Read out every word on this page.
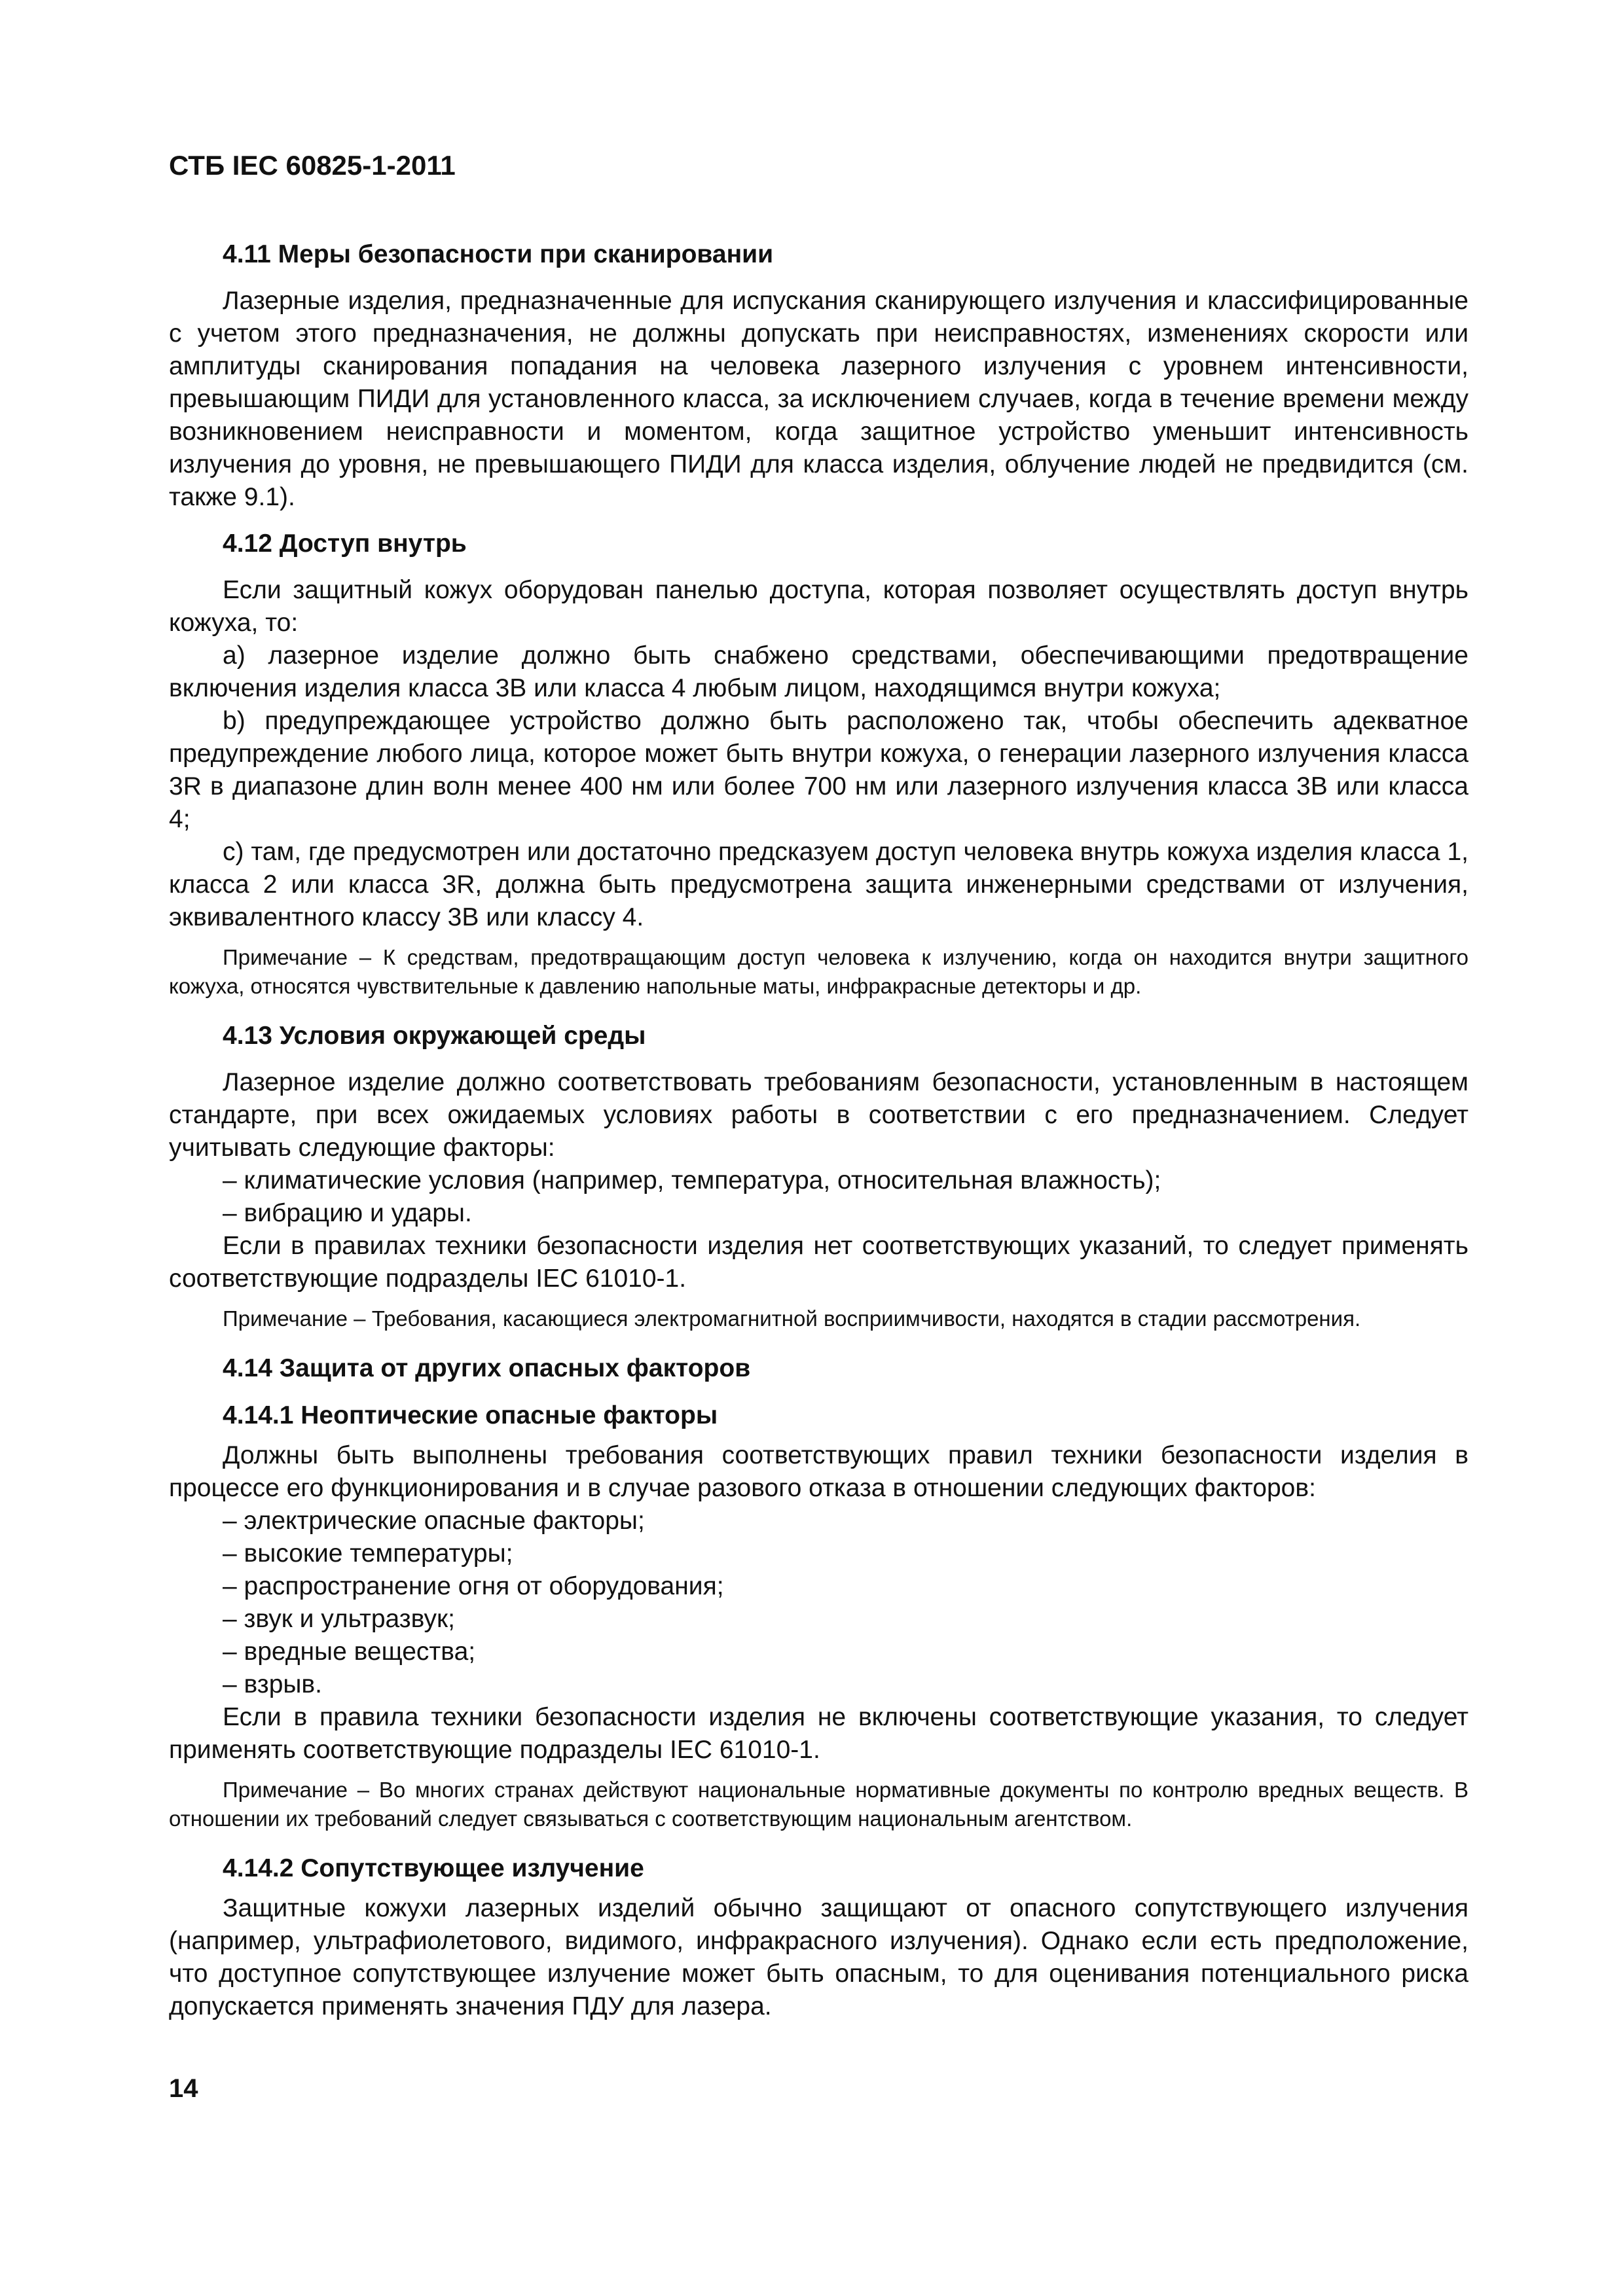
СТБ IEC 60825-1-2011
4.11 Меры безопасности при сканировании

Лазерные изделия, предназначенные для испускания сканирующего излучения и классифицированные с учетом этого предназначения, не должны допускать при неисправностях, изменениях скорости или амплитуды сканирования попадания на человека лазерного излучения с уровнем интенсивности, превышающим ПИДИ для установленного класса, за исключением случаев, когда в течение времени между возникновением неисправности и моментом, когда защитное устройство уменьшит интенсивность излучения до уровня, не превышающего ПИДИ для класса изделия, облучение людей не предвидится (см. также 9.1).

4.12 Доступ внутрь

Если защитный кожух оборудован панелью доступа, которая позволяет осуществлять доступ внутрь кожуха, то:

a) лазерное изделие должно быть снабжено средствами, обеспечивающими предотвращение включения изделия класса 3B или класса 4 любым лицом, находящимся внутри кожуха;

b) предупреждающее устройство должно быть расположено так, чтобы обеспечить адекватное предупреждение любого лица, которое может быть внутри кожуха, о генерации лазерного излучения класса 3R в диапазоне длин волн менее 400 нм или более 700 нм или лазерного излучения класса 3B или класса 4;

c) там, где предусмотрен или достаточно предсказуем доступ человека внутрь кожуха изделия класса 1, класса 2 или класса 3R, должна быть предусмотрена защита инженерными средствами от излучения, эквивалентного классу 3B или классу 4.

Примечание – К средствам, предотвращающим доступ человека к излучению, когда он находится внутри защитного кожуха, относятся чувствительные к давлению напольные маты, инфракрасные детекторы и др.

4.13 Условия окружающей среды

Лазерное изделие должно соответствовать требованиям безопасности, установленным в настоящем стандарте, при всех ожидаемых условиях работы в соответствии с его предназначением. Следует учитывать следующие факторы:

– климатические условия (например, температура, относительная влажность);

– вибрацию и удары.

Если в правилах техники безопасности изделия нет соответствующих указаний, то следует применять соответствующие подразделы IEC 61010-1.

Примечание – Требования, касающиеся электромагнитной восприимчивости, находятся в стадии рассмотрения.

4.14 Защита от других опасных факторов
4.14.1 Неоптические опасные факторы

Должны быть выполнены требования соответствующих правил техники безопасности изделия в процессе его функционирования и в случае разового отказа в отношении следующих факторов:

– электрические опасные факторы;

– высокие температуры;

– распространение огня от оборудования;

– звук и ультразвук;

– вредные вещества;

– взрыв.

Если в правила техники безопасности изделия не включены соответствующие указания, то следует применять соответствующие подразделы IEC 61010-1.

Примечание – Во многих странах действуют национальные нормативные документы по контролю вредных веществ. В отношении их требований следует связываться с соответствующим национальным агентством.

4.14.2 Сопутствующее излучение

Защитные кожухи лазерных изделий обычно защищают от опасного сопутствующего излучения (например, ультрафиолетового, видимого, инфракрасного излучения). Однако если есть предположение, что доступное сопутствующее излучение может быть опасным, то для оценивания потенциального риска допускается применять значения ПДУ для лазера.

14
